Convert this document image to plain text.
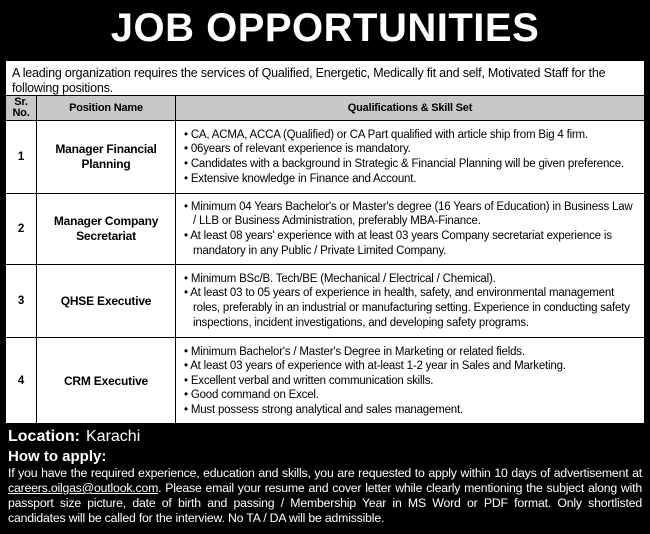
JOB OPPORTUNITIES
A leading organization requires the services of Qualified, Energetic, Medically fit and self, Motivated Staff for the following positions.
Sr. No.	Position Name	Qualifications & Skill Set
1	Manager Financial Planning	• CA, ACMA, ACCA (Qualified) or CA Part qualified with article ship from Big 4 firm.
• 06years of relevant experience is mandatory.
• Candidates with a background in Strategic & Financial Planning will be given preference.
• Extensive knowledge in Finance and Account.

2	Manager Company Secretariat	• Minimum 04 Years Bachelor's or Master's degree (16 Years of Education) in Business Law / LLB or Business Administration, preferably MBA-Finance.
• At least 08 years' experience with at least 03 years Company secretariat experience is mandatory in any Public / Private Limited Company.

3	QHSE Executive	• Minimum BSc/B. Tech/BE (Mechanical / Electrical / Chemical).
• At least 03 to 05 years of experience in health, safety, and environmental management roles, preferably in an industrial or manufacturing setting. Experience in conducting safety inspections, incident investigations, and developing safety programs.

4	CRM Executive	• Minimum Bachelor's / Master's Degree in Marketing or related fields.
• At least 03 years of experience with at-least 1-2 year in Sales and Marketing.
• Excellent verbal and written communication skills.
• Good command on Excel.
• Must possess strong analytical and sales management.
Location: Karachi
How to apply:
If you have the required experience, education and skills, you are requested to apply within 10 days of advertisement at careers.oilgas@outlook.com. Please email your resume and cover letter while clearly mentioning the subject along with passport size picture, date of birth and passing / Membership Year in MS Word or PDF format. Only shortlisted candidates will be called for the interview. No TA / DA will be admissible.
